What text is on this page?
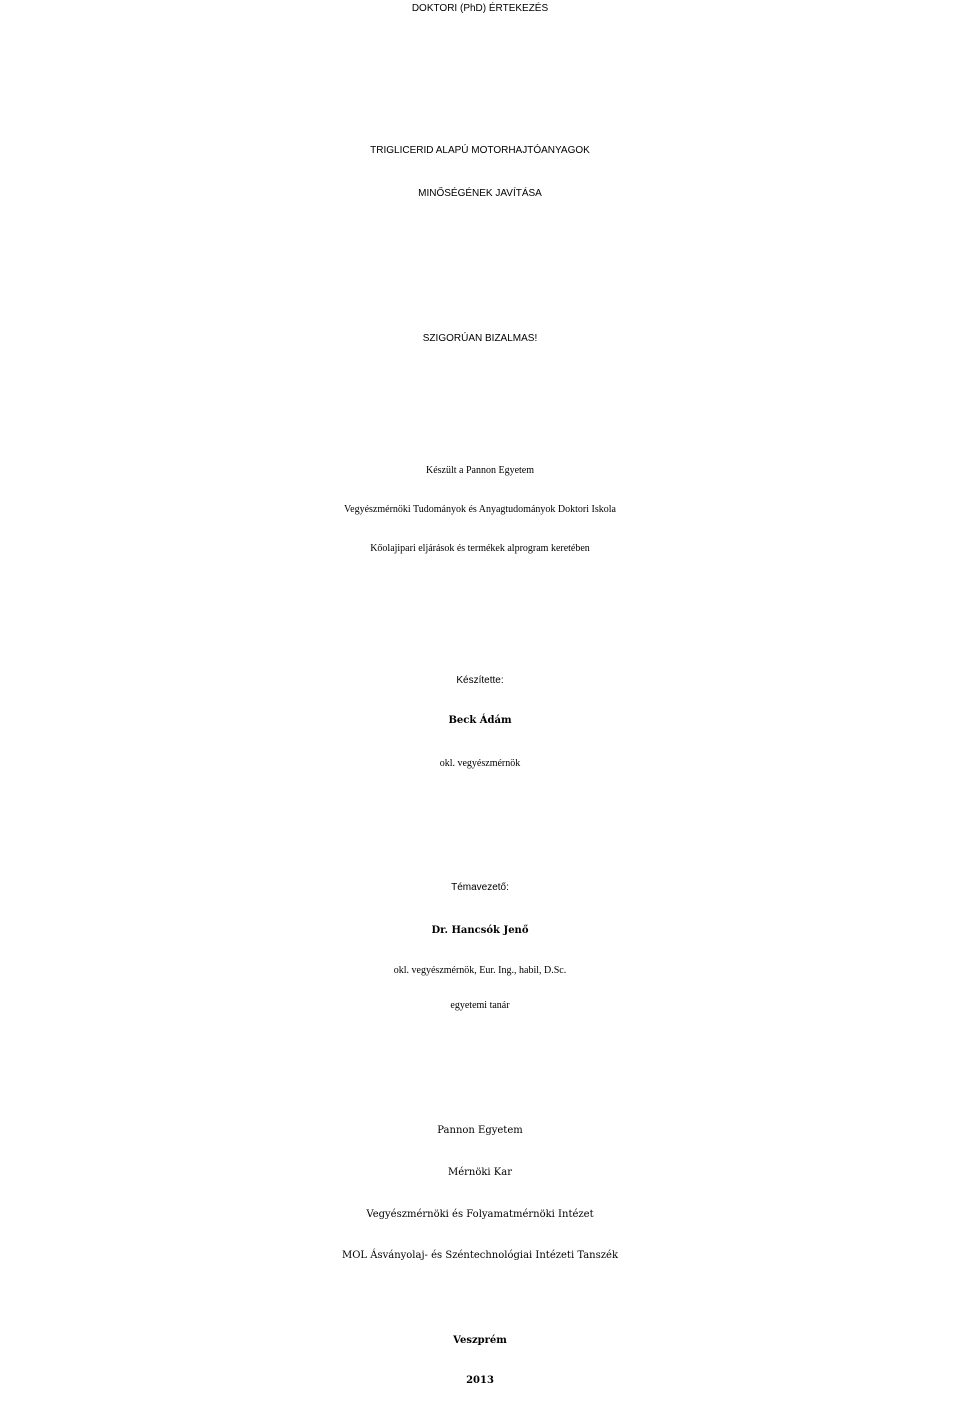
DOKTORI (PhD) ÉRTEKEZÉS
TRIGLICERID ALAPÚ MOTORHAJTÓANYAGOK
MINŐSÉGÉNEK JAVÍTÁSA
SZIGORÚAN BIZALMAS!
Készült a Pannon Egyetem
Vegyészmérnöki Tudományok és Anyagtudományok Doktori Iskola
Kőolajipari eljárások és termékek alprogram keretében
Készítette:
Beck Ádám
okl. vegyészmérnök
Témavezető:
Dr. Hancsók Jenő
okl. vegyészmérnök, Eur. Ing., habil, D.Sc.
egyetemi tanár
Pannon Egyetem
Mérnöki Kar
Vegyészmérnöki és Folyamatmérnöki Intézet
MOL Ásványolaj- és Széntechnológiai Intézeti Tanszék
Veszprém
2013
